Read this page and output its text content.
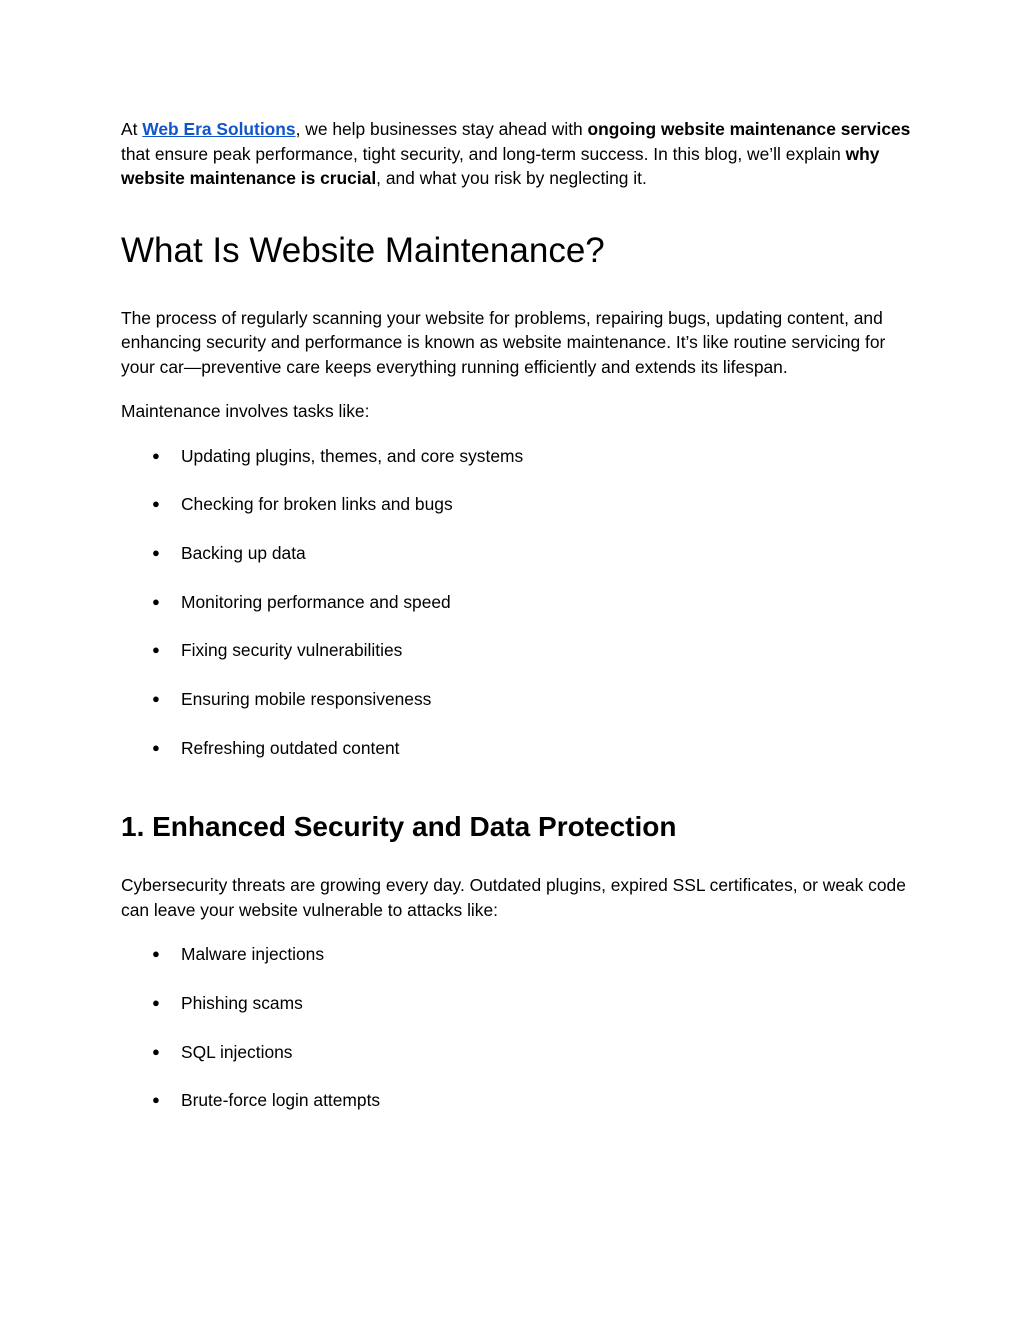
At Web Era Solutions, we help businesses stay ahead with ongoing website maintenance services that ensure peak performance, tight security, and long-term success. In this blog, we’ll explain why website maintenance is crucial, and what you risk by neglecting it.

What Is Website Maintenance?

The process of regularly scanning your website for problems, repairing bugs, updating content, and enhancing security and performance is known as website maintenance. It’s like routine servicing for your car—preventive care keeps everything running efficiently and extends its lifespan.

Maintenance involves tasks like:

● Updating plugins, themes, and core systems
● Checking for broken links and bugs
● Backing up data
● Monitoring performance and speed
● Fixing security vulnerabilities
● Ensuring mobile responsiveness
● Refreshing outdated content
1. Enhanced Security and Data Protection

Cybersecurity threats are growing every day. Outdated plugins, expired SSL certificates, or weak code can leave your website vulnerable to attacks like:

● Malware injections
● Phishing scams
● SQL injections
● Brute-force login attempts
